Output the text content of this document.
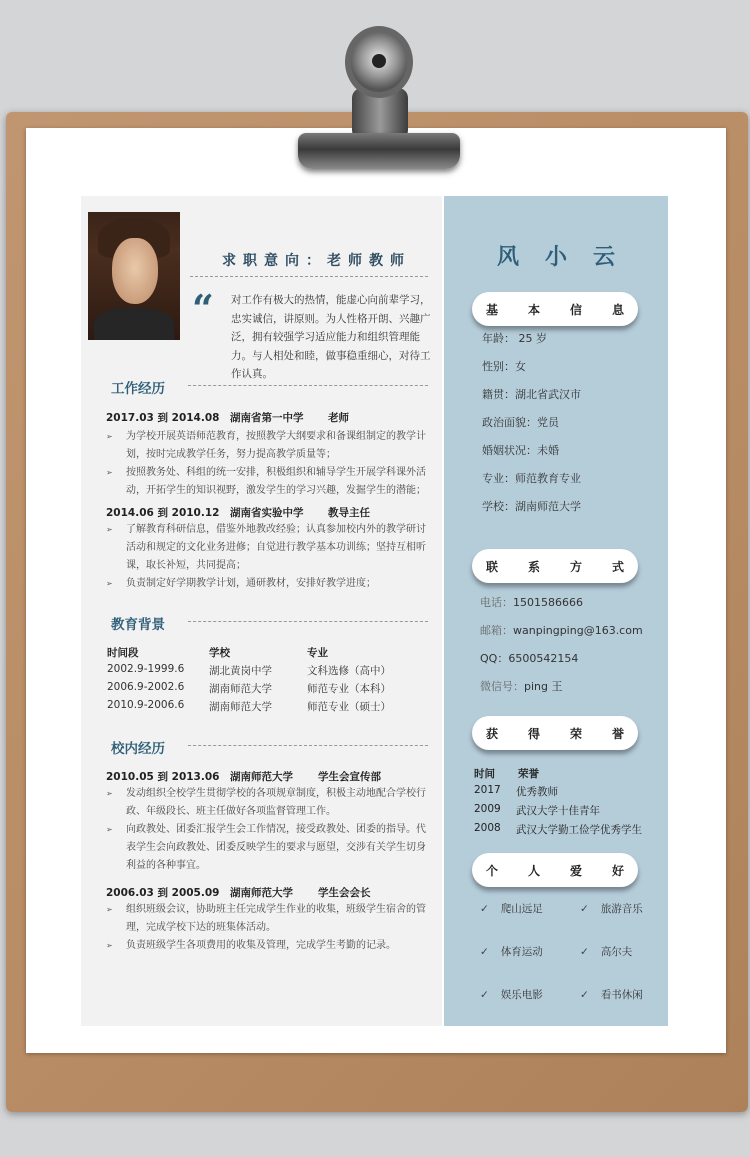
求职意向：老师教师
“ 对工作有极大的热情，能虚心向前辈学习，忠实诚信，讲原则。为人性格开朗、兴趣广泛，拥有较强学习适应能力和组织管理能力。与人相处和睦，做事稳重细心，对待工作认真。
工作经历
2017.03 到 2014.08 湖南省第一中学 老师
➢ 为学校开展英语师范教育，按照教学大纲要求和备课组制定的教学计划，按时完成教学任务，努力提高教学质量等；
➢ 按照教务处、科组的统一安排，积极组织和辅导学生开展学科课外活动，开拓学生的知识视野，激发学生的学习兴趣，发掘学生的潜能；
2014.06 到 2010.12 湖南省实验中学 教导主任
➢ 了解教育科研信息，借鉴外地教改经验；认真参加校内外的教学研讨活动和规定的文化业务进修；自觉进行教学基本功训练；坚持互相听课，取长补短，共同提高；
➢ 负责制定好学期教学计划，通研教材，安排好教学进度；
教育背景
时间段	学校	专业
2002.9-1999.6 湖北黄岗中学	文科选修（高中）
2006.9-2002.6 湖南师范大学	师范专业（本科）
2010.9-2006.6 湖南师范大学	师范专业（硕士）
校内经历
2010.05 到 2013.06 湖南师范大学 学生会宣传部
➢ 发动组织全校学生贯彻学校的各项规章制度，积极主动地配合学校行政、年级段长、班主任做好各项监督管理工作。
➢ 向政教处、团委汇报学生会工作情况，接受政教处、团委的指导。代表学生会向政教处、团委反映学生的要求与愿望，交涉有关学生切身利益的各种事宜。
2006.03 到 2005.09 湖南师范大学 学生会会长
➢ 组织班级会议，协助班主任完成学生作业的收集，班级学生宿舍的管理，完成学校下达的班集体活动。
➢ 负责班级学生各项费用的收集及管理，完成学生考勤的记录。
风小云
基 本 信 息
年龄： 25 岁
性别：女
籍贯：湖北省武汉市
政治面貌：党员
婚姻状况：未婚
专业：师范教育专业
学校：湖南师范大学
联 系 方 式
电话：1501586666
邮箱：wanpingping@163.com
QQ：6500542154
微信号：ping 王
获 得 荣 誉
时间 荣誉
2017 优秀教师
2009 武汉大学十佳青年
2008 武汉大学勤工俭学优秀学生
个 人 爱 好
✓ 爬山远足	✓ 旅游音乐
✓ 体育运动	✓ 高尔夫
✓ 娱乐电影	✓ 看书休闲
